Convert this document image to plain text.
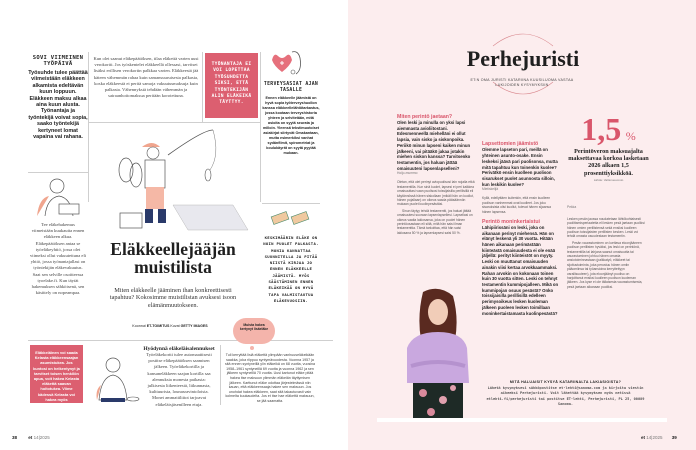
SOVI VIIMEINEN TYÖPÄIVÄ
Työsuhde tulee päättää viimeistään eläkkeen alkamista edeltävän kuun loppuun. Eläkkeen maksu alkaa aina kuun alusta. Työnantaja ja työntekijä voivat sopia, saako työntekijä kertyneet lomat vapaina vai rahana.
Tee eläkehakemus viimeistään kuukautta ennen eläkkeen alkua. Eläkepäätöksen antaa se työeläkeyhtiö, jossa olet viimeksi ollut vakuutettuna eli yhtiö, jossa työnantajallasi on työntekijän eläkevakuutus. Saat sen selville osoitteessa tyoelake.fi. Kun täytät hakemuksen sähköisenä, sen käsittely on nopeampaa.
Eläkkeläinen voi saada Kelasta eläkkeensaajan asumistukea. Jos kuntosi on heikentynyt ja tarvitset toisen henkilön apua, voit hakea Kelasta eläkettä saavan hoitotukea. Viime kädessä Kelasta voi hakea myös toimeentulotukea.
Kun olet saanut eläkepäätöksen, tilaa eläkettä varten uusi verokortti. Jos työskentelet eläkkeellä ollessasi, tarvitset lisäksi erillisen verokortin palkkaa varten. Eläkkeestä jää käteen vähemmän rahaa kuin samansuuruisesta palkasta, koska eläkkeestä ei peritä samoja vakuutusmaksuja kuin palkasta. Vähennykstä tehdään vähemmän ja sairaanhoitomaksua peritään korotettuna.
TYÖNANTAJA EI VOI LOPETTAA TYÖSUHDETTA SIKSI, ETTÄ TYÖNTEKIJÄN ALIN ELÄKEIKÄ TÄYTTYY.
Eläkkeellejääjän
muistilista
Miten eläkkeelle jääminen ihan konkreettisesti tapahtuu? Kokosimme muistilistan avuksesi isoon elämänmuutokseen.
Koonnut ET-TOIMITUS Kuvat GETTY IMAGES	Muista hakea kertynyt lisäeläke
Hyödynnä eläkeläisalennukset
Työeläkekortti tulee automaattisesti postitse eläkepäätöksen saamisen jälkeen. Työeläkekortilla ja kansaneläkkeen saajan kortilla saa alennuksia monesta paikasta: julkisesta liikenteestä, liikunnasta, kulttuurista, lounasravintoloista. Monet ammattiliitot tarjoavat eläkeläisjäsenilleen etuja.
Tuli kerryttää lisiä eläkettä ylimpään vanhuuseläkeikään saakka, joka riippuu syntymävuodesta. Vuonna 1957 ja sitä ennen syntyneillä ylin eläkeikä on 68 vuotta, vuosina 1958–1961 syntyneillä 69 vuotta ja vuonna 1962 ja sen jälkeen syntyneillä 70 vuotta. Uusi kartunut eläke pitää hakea itse maksuun ylimmän eläkeiän täyttymisen jälkeen. Karttunut eläke odottaa järjestelmässä niin kauan, että eläkkeensaaja hakee sen maksuun. Jos unohdat hakea eläkkeen, saat sitä takautuvasti vain kolmelta kuukaudelta. Jos et itse hae eläkettä maksuun, se jää saamatta.
TERVEYSASIAT AJAN TASALLE
Ennen eläkkeelle jäämistä on hyvä sopia työterveyshuollon kanssa eläkkeellelähtötarkastus, jossa kootaan terveyshistoria yhteen ja selvitetään, mitä asioita on syytä seurata ja milloin. Yleensä tekstimuotoiset asiakirjat siirtyvät Omakantaan, mutta esimerkiksi vanhat sydänfilmit, spirometriat ja koulukäyrät on syytä pyytää mukaan.
KESKIMÄÄRIN ELÄKE ON NOIN PUOLET PALKASTA. MONIA KANNATTAA SUUNNITELLA JA PITÄÄ NIISTÄ KIRJAA JO ENNEN ELÄKKEELLE JÄÄMISTÄ. MYÖS SÄÄSTÄMINEN ENNEN ELÄKEIKÄÄ ON HYVÄ TAPA VALMISTAUTUA ELÄKEVUOSIIN.
38	et 14|2025
Perhejuristi
ET:N OMA JURISTI KATARIINA KUUSILUOMA VASTAA LUKIJOIDEN KYSYMYKSIIN
Miten perintö jaetaan?
Olen leski ja minulla on yksi lapsi aiemmasta avioliitostani. Edesmenneellä miehelläni ei ollut lapsia, vain sisko ja siskonpoika. Periikö minun lapseni kaiken minun jälkeeni, vai pitääkö jakaa jotakin miehen siskon kanssa? Tarvitsenko testamentin, jos haluan jättää omaisuuteni lapsenlapselleni?
Hoijo-mummo

Oletan, että olet perinyt aviopuolisosi lain nojalla etkä testamentilla. Kun sinä kuolet, lapsesi ei peri kaikkea omaisuuttasi vaan puolisosi toissijaisilla perillisillä eli käytännössä hänen siskollaan (mikäli hän on kuollut, hänen pojallaan) on oikeus saada pääsäännön mukaan puolet kuolinpesästäsi.

Sinun täytyy tehdä testamentti, jos haluat jättää omaisuutesi suoraan lapsenlapsellesi. Lapsellasi on oikeus vaatia lakiosansa, joka on puolet hänen perintöosastaan eli siitä, mitä hän saisi ilman testamenttia. Tämä tarkoittaa, että hän saisi lakiosana 50 % ja lapsenlapsesi saisi 50 %.

Lapsettomien jäämistö
Olemme lapseton pari, meillä on yhteinen asunto-osake. Ensin leskeksi jäävä pari puolisonsa, mutta mitä tapahtuu kun toinenkin kuolee? Perivätkö ensin kuolleen puolison sisarukset puolet asunnosta silloin, kun leskikin kuolee?
Mietiskelijä

Kyllä, edellyttäen kuitenkin, että ensin kuolleen puolison vanhemmat ovat kuolleet. Jos joku sisaruksista olisi kuollut, tulevat hänen sijaansa hänen lapsensa.

Perintö moninkertaistui
Lähipiirissäni on leski, joka on aikanaan perinyt miehensä. Hän on elänyt leskenä yli 30 vuotta. Hitään hänen aikanaan perimästään kiinteästä omaisuudesta ei ole enää jäljellä: perityt kiinteistöt on myyty. Leski on muuttanut omaisuuden ainakin viisi kertaa arvokkaammaksi. Rahan arvokin on kokonaan toinen kuin 30 vuotta sitten. Leski on tehnyt testamentin kummipojalleen. Mikä on kummipojan osuus pesästä? Onko toissijaisilla perillisillä edelleen perimysoikeus lesken kuoleman jälkeen puoleen lesken toimillaan moninkertaistamasta kuolinpesästä?
1,5 %
Perintöveron maksuajalta maksettavaa korkoa lasketaan 2026 alkaen 1,5 prosenttiyksikköä.
Lähde: Valtioneuvosto
Pekka

Lesken pesän jaossa noudatetaan lähtökohtaisesti puolittamisperiaatetta eli lesken pesä jaetaan puoliksi hänen omien perillistensä sekä ensiksi kuolleen puolison toissijaisten perillisten kesken. Leski voi tehdä omasta osuudestaan testamentin.

Pesän vaurastuminen on luettava eloonjääneen puolison perillisten hyväksi, jos leski on perintönä, testamentilla tai lahjana saanut omaisuutta tai vaurastuminen johtuu hänen omasta ansiotoiminnastaan (palkkatyö, eläkkeet tai sijoitustoiminta, joka perustuu hänen omiin pääomiinsa tai työansioina kerryttettyyn varallisuuteen), jota eloonjäänyt puoliso on harjoittanut ensiksi kuolleen puolison kuoleman jälkeen. Jos kyse ei ole tällaisesta vaurastumisesta, pesä jaetaan aikanaan puoliksi.

MITÄ HALUAISIT KYSYÄ KATARIINALTA LAKIASIOISTA?
Lähetä kysymyksesi sähköpostitse et-lehti@sanoma.com ja kirjoita viestin aiheeksi Perhejuristi. Voit lähettää kysymyksen myös netissä etlehti.fi/perhejuristi tai postitse ET-lehti, Perhejuristi, PL 25, 00089 Sanoma.
et 14|2025 39
